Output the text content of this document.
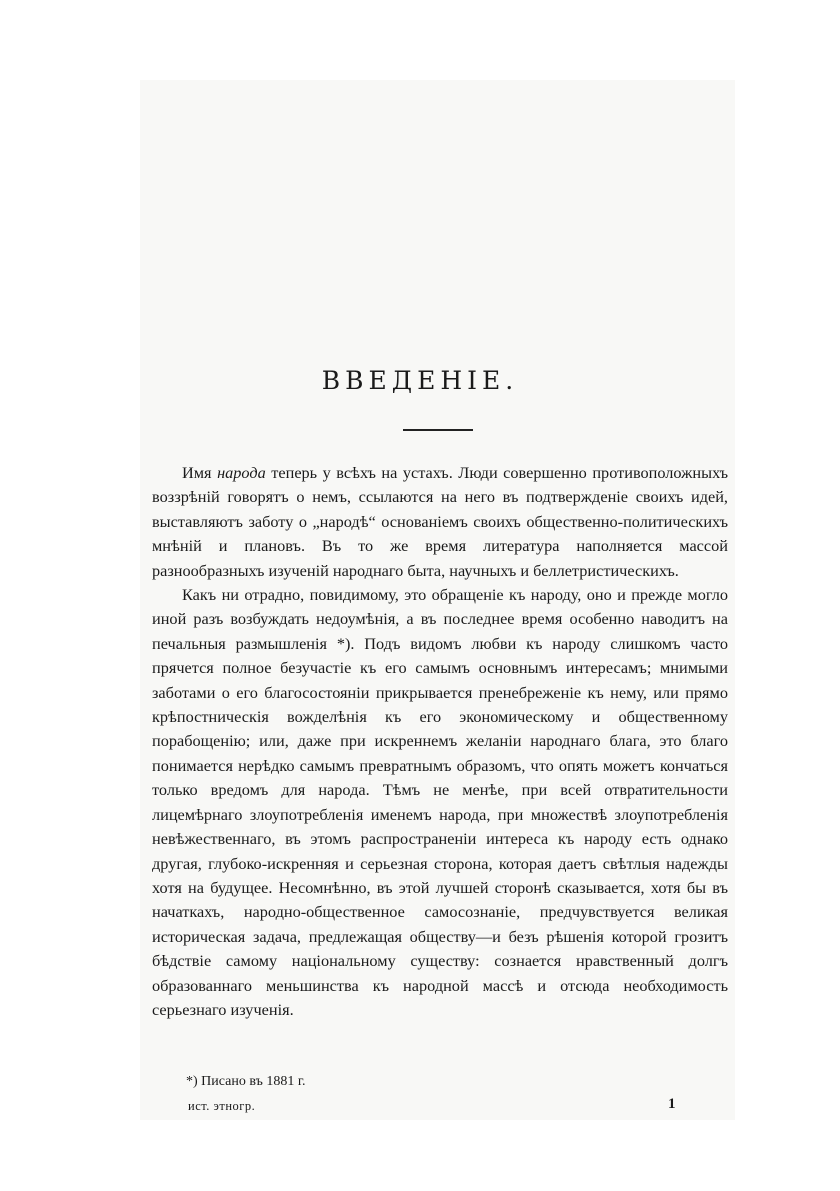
ВВЕДЕНІЕ.

Имя народа теперь у всѣхъ на устахъ. Люди совершенно противоположныхъ воззрѣній говорятъ о немъ, ссылаются на него въ подтвержденіе своихъ идей, выставляютъ заботу о „народѣ“ основаніемъ своихъ общественно-политическихъ мнѣній и плановъ. Въ то же время литература наполняется массой разнообразныхъ изученій народнаго быта, научныхъ и беллетристическихъ.

Какъ ни отрадно, повидимому, это обращеніе къ народу, оно и прежде могло иной разъ возбуждать недоумѣнія, а въ последнее время особенно наводитъ на печальныя размышленія *). Подъ видомъ любви къ народу слишкомъ часто прячется полное безучастіе къ его самымъ основнымъ интересамъ; мнимыми заботами о его благосостояніи прикрывается пренебреженіе къ нему, или прямо крѣпостническія вожделѣнія къ его экономическому и общественному порабощенію; или, даже при искреннемъ желаніи народнаго блага, это благо понимается нерѣдко самымъ превратнымъ образомъ, что опять можетъ кончаться только вредомъ для народа. Тѣмъ не менѣе, при всей отвратительности лицемѣрнаго злоупотребленія именемъ народа, при множествѣ злоупотребленія невѣжественнаго, въ этомъ распространеніи интереса къ народу есть однако другая, глубоко-искренняя и серьезная сторона, которая даетъ свѣтлыя надежды хотя на будущее. Несомнѣнно, въ этой лучшей сторонѣ сказывается, хотя бы въ начаткахъ, народно-общественное самосознаніе, предчувствуется великая историческая задача, предлежащая обществу—и безъ рѣшенія которой грозитъ бѣдствіе самому національному существу: сознается нравственный долгъ образованнаго меньшинства къ народной массѣ и отсюда необходимость серьезнаго изученія.

*) Писано въ 1881 г.
ист. этногр.	1
